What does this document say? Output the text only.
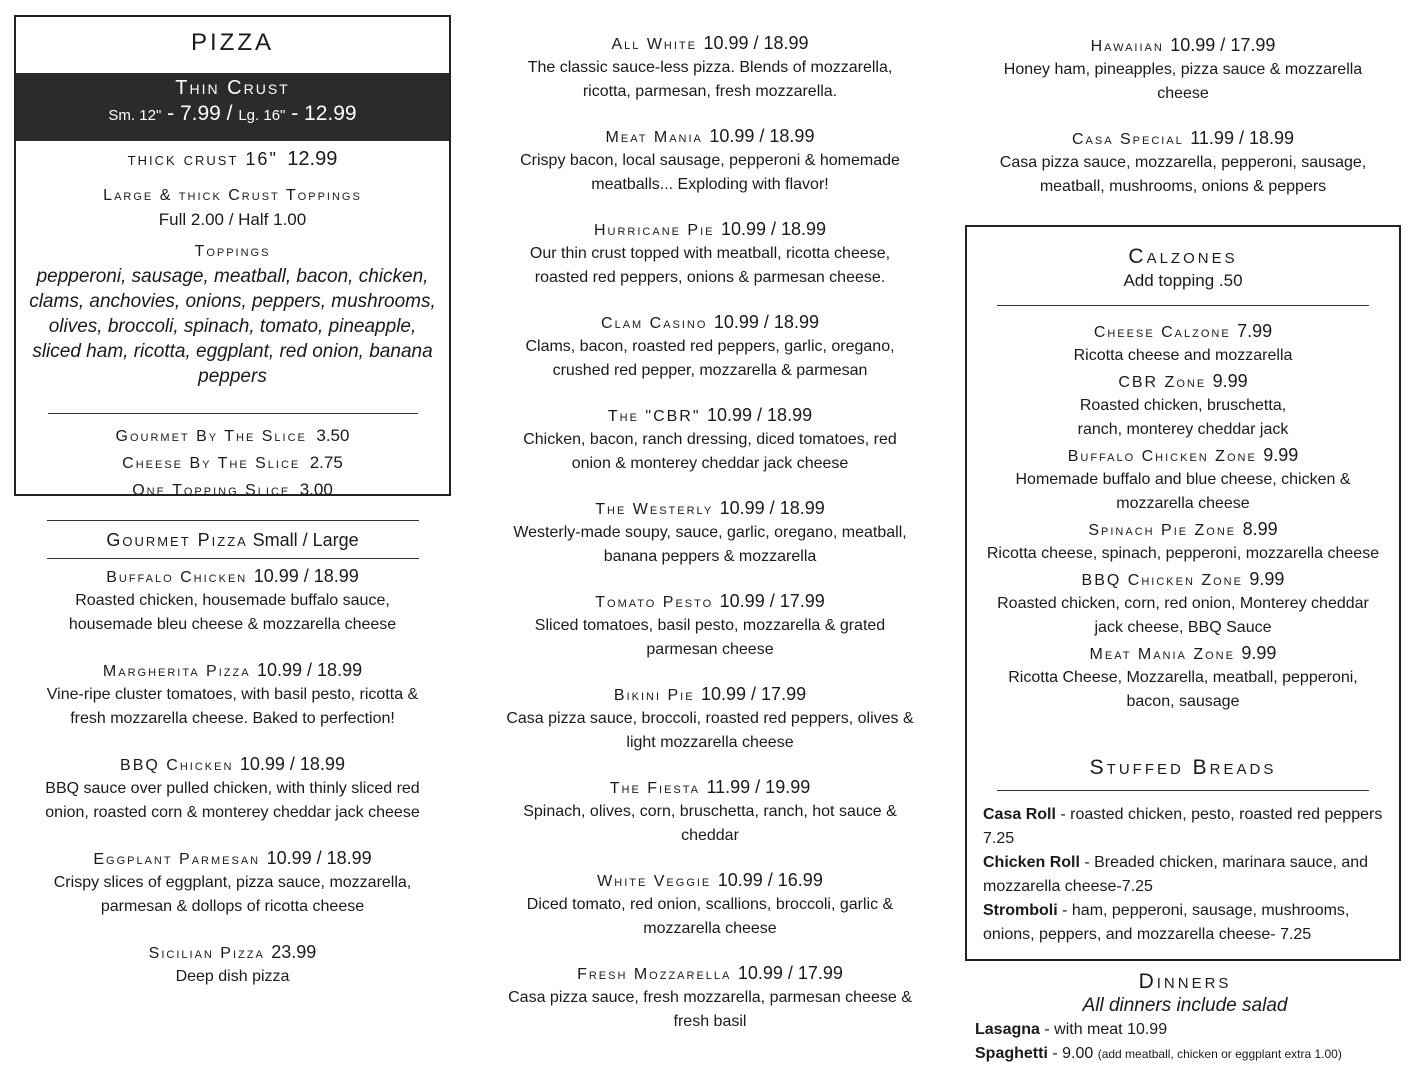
PIZZA
Thin Crust
Sm. 12" - 7.99 / Lg. 16" - 12.99
thick crust 16" 12.99
Large & thick Crust Toppings
Full 2.00 / Half 1.00
Toppings
pepperoni, sausage, meatball, bacon, chicken, clams, anchovies, onions, peppers, mushrooms, olives, broccoli, spinach, tomato, pineapple, sliced ham, ricotta, eggplant, red onion, banana peppers
Gourmet By The Slice 3.50
Cheese By The Slice 2.75
One Topping Slice 3.00
Gourmet Pizza Small / Large
Buffalo Chicken 10.99 / 18.99
Roasted chicken, housemade buffalo sauce, housemade bleu cheese & mozzarella cheese
Margherita Pizza 10.99 / 18.99
Vine-ripe cluster tomatoes, with basil pesto, ricotta & fresh mozzarella cheese. Baked to perfection!
BBQ Chicken 10.99 / 18.99
BBQ sauce over pulled chicken, with thinly sliced red onion, roasted corn & monterey cheddar jack cheese
Eggplant Parmesan 10.99 / 18.99
Crispy slices of eggplant, pizza sauce, mozzarella, parmesan & dollops of ricotta cheese
Sicilian Pizza 23.99
Deep dish pizza
All White 10.99 / 18.99
The classic sauce-less pizza. Blends of mozzarella, ricotta, parmesan, fresh mozzarella.
Meat Mania 10.99 / 18.99
Crispy bacon, local sausage, pepperoni & homemade meatballs... Exploding with flavor!
Hurricane Pie 10.99 / 18.99
Our thin crust topped with meatball, ricotta cheese, roasted red peppers, onions & parmesan cheese.
Clam Casino 10.99 / 18.99
Clams, bacon, roasted red peppers, garlic, oregano, crushed red pepper, mozzarella & parmesan
The "CBR" 10.99 / 18.99
Chicken, bacon, ranch dressing, diced tomatoes, red onion & monterey cheddar jack cheese
The Westerly 10.99 / 18.99
Westerly-made soupy, sauce, garlic, oregano, meatball, banana peppers & mozzarella
Tomato Pesto 10.99 / 17.99
Sliced tomatoes, basil pesto, mozzarella & grated parmesan cheese
Bikini Pie 10.99 / 17.99
Casa pizza sauce, broccoli, roasted red peppers, olives & light mozzarella cheese
The Fiesta 11.99 / 19.99
Spinach, olives, corn, bruschetta, ranch, hot sauce & cheddar
White Veggie 10.99 / 16.99
Diced tomato, red onion, scallions, broccoli, garlic & mozzarella cheese
Fresh Mozzarella 10.99 / 17.99
Casa pizza sauce, fresh mozzarella, parmesan cheese & fresh basil
Hawaiian 10.99 / 17.99
Honey ham, pineapples, pizza sauce & mozzarella cheese
Casa Special 11.99 / 18.99
Casa pizza sauce, mozzarella, pepperoni, sausage, meatball, mushrooms, onions & peppers
Calzones
Add topping .50
Cheese Calzone 7.99
Ricotta cheese and mozzarella
CBR Zone 9.99
Roasted chicken, bruschetta, ranch, monterey cheddar jack
Buffalo Chicken Zone 9.99
Homemade buffalo and blue cheese, chicken & mozzarella cheese
Spinach Pie Zone 8.99
Ricotta cheese, spinach, pepperoni, mozzarella cheese
BBQ Chicken Zone 9.99
Roasted chicken, corn, red onion, Monterey cheddar jack cheese, BBQ Sauce
Meat Mania Zone 9.99
Ricotta Cheese, Mozzarella, meatball, pepperoni, bacon, sausage
Stuffed Breads
Casa Roll - roasted chicken, pesto, roasted red peppers 7.25
Chicken Roll - Breaded chicken, marinara sauce, and mozzarella cheese-7.25
Stromboli - ham, pepperoni, sausage, mushrooms, onions, peppers, and mozzarella cheese- 7.25
Dinners
All dinners include salad
Lasagna - with meat 10.99
Spaghetti - 9.00 (add meatball, chicken or eggplant extra 1.00)
